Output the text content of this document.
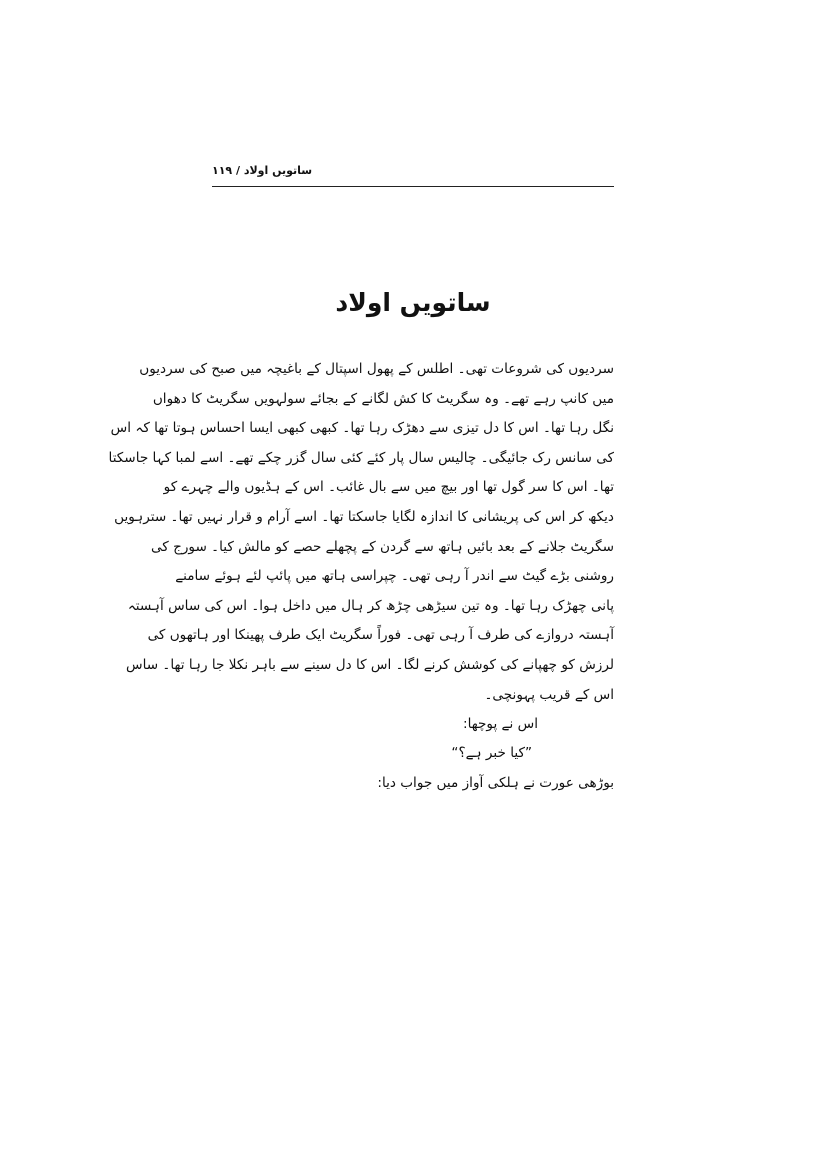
ساتویں اولاد / ۱۱۹
ساتویں اولاد
سردیوں کی شروعات تھی۔ اطلس کے پھول اسپتال کے باغیچہ میں صبح کی سردیوں
میں کانپ رہے تھے۔ وہ سگریٹ کا کش لگانے کے بجائے سولہویں سگریٹ کا دھواں
نگل رہا تھا۔ اس کا دل تیزی سے دھڑک رہا تھا۔ کبھی کبھی ایسا احساس ہوتا تھا کہ اس
کی سانس رک جائیگی۔ چالیس سال پار کئے کئی سال گزر چکے تھے۔ اسے لمبا کہا جاسکتا
تھا۔ اس کا سر گول تھا اور بیچ میں سے بال غائب۔ اس کے ہڈیوں والے چہرے کو
دیکھ کر اس کی پریشانی کا اندازہ لگایا جاسکتا تھا۔ اسے آرام و قرار نہیں تھا۔ سترہویں
سگریٹ جلانے کے بعد بائیں ہاتھ سے گردن کے پچھلے حصے کو مالش کیا۔ سورج کی
روشنی بڑے گیٹ سے اندر آ رہی تھی۔ چپراسی ہاتھ میں پائپ لئے ہوئے سامنے
پانی چھڑک رہا تھا۔ وہ تین سیڑھی چڑھ کر ہال میں داخل ہوا۔ اس کی ساس آہستہ
آہستہ دروازے کی طرف آ رہی تھی۔ فوراً سگریٹ ایک طرف پھینکا اور ہاتھوں کی
لرزش کو چھپانے کی کوشش کرنے لگا۔ اس کا دل سینے سے باہر نکلا جا رہا تھا۔ ساس
اس کے قریب پہونچی۔
اس نے پوچھا:
”کیا خبر ہے؟“
بوڑھی عورت نے ہلکی آواز میں جواب دیا:
